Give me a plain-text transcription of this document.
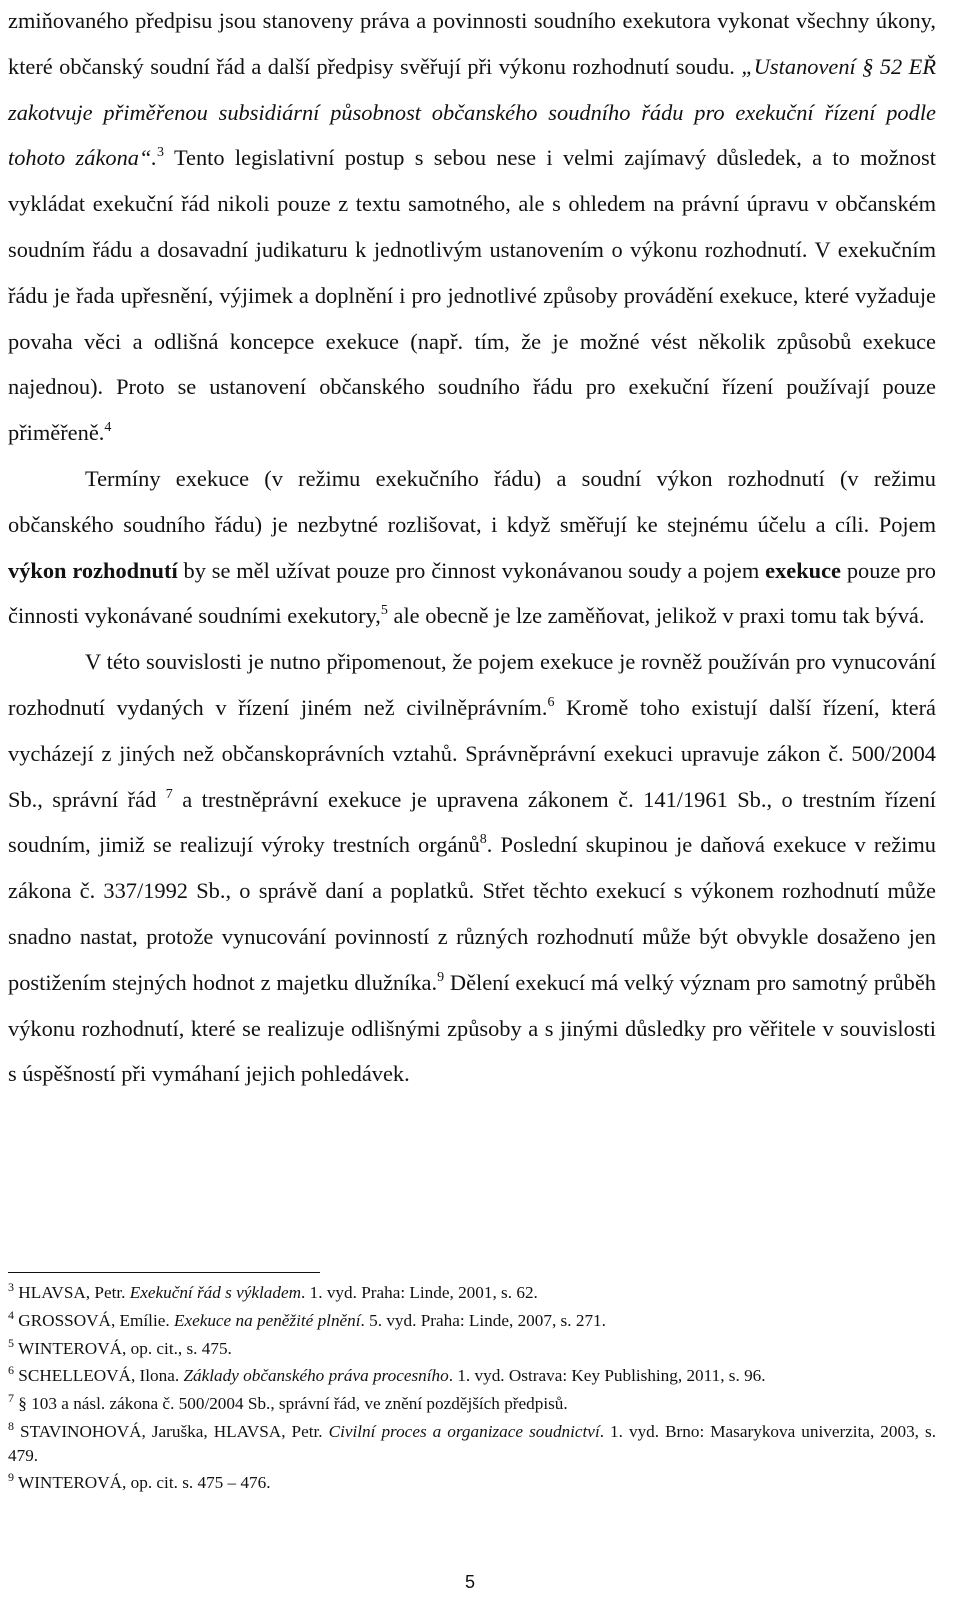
zmiňovaného předpisu jsou stanoveny práva a povinnosti soudního exekutora vykonat všechny úkony, které občanský soudní řád a další předpisy svěřují při výkonu rozhodnutí soudu. „Ustanovení § 52 EŘ zakotvuje přiměřenou subsidiární působnost občanského soudního řádu pro exekuční řízení podle tohoto zákona“.$^3$ Tento legislativní postup s sebou nese i velmi zajímavý důsledek, a to možnost vykládat exekuční řád nikoli pouze z textu samotného, ale s ohledem na právní úpravu v občanském soudním řádu a dosavadní judikaturu k jednotlivým ustanovením o výkonu rozhodnutí. V exekučním řádu je řada upřesnění, výjimek a doplnění i pro jednotlivé způsoby provádění exekuce, které vyžaduje povaha věci a odlišná koncepce exekuce (např. tím, že je možné vést několik způsobů exekuce najednou). Proto se ustanovení občanského soudního řádu pro exekuční řízení používají pouze přiměřeně.$^4$

Termíny exekuce (v režimu exekučního řádu) a soudní výkon rozhodnutí (v režimu občanského soudního řádu) je nezbytné rozlišovat, i když směřují ke stejnému účelu a cíli. Pojem výkon rozhodnutí by se měl užívat pouze pro činnost vykonávanou soudy a pojem exekuce pouze pro činnosti vykonávané soudními exekutory,$^5$ ale obecně je lze zaměňovat, jelikož v praxi tomu tak bývá.

V této souvislosti je nutno připomenout, že pojem exekuce je rovněž používán pro vynucování rozhodnutí vydaných v řízení jiném než civilněprávním.$^6$ Kromě toho existují další řízení, která vycházejí z jiných než občanskoprávních vztahů. Správněprávní exekuci upravuje zákon č. 500/2004 Sb., správní řád $^7$ a trestněprávní exekuce je upravena zákonem č. 141/1961 Sb., o trestním řízení soudním, jimiž se realizují výroky trestních orgánů$^8$. Poslední skupinou je daňová exekuce v režimu zákona č. 337/1992 Sb., o správě daní a poplatků. Střet těchto exekucí s výkonem rozhodnutí může snadno nastat, protože vynucování povinností z různých rozhodnutí může být obvykle dosaženo jen postižením stejných hodnot z majetku dlužníka.$^9$ Dělení exekucí má velký význam pro samotný průběh výkonu rozhodnutí, které se realizuje odlišnými způsoby a s jinými důsledky pro věřitele v souvislosti s úspěšností při vymáhaní jejich pohledávek.

$^3$ HLAVSA, Petr. Exekuční řád s výkladem. 1. vyd. Praha: Linde, 2001, s. 62.
$^4$ GROSSOVÁ, Emílie. Exekuce na peněžité plnění. 5. vyd. Praha: Linde, 2007, s. 271.
$^5$ WINTEROVÁ, op. cit., s. 475.
$^6$ SCHELLEOVÁ, Ilona. Základy občanského práva procesního. 1. vyd. Ostrava: Key Publishing, 2011, s. 96.
$^7$ § 103 a násl. zákona č. 500/2004 Sb., správní řád, ve znění pozdějších předpisů.
$^8$ STAVINOHOVÁ, Jaruška, HLAVSA, Petr. Civilní proces a organizace soudnictví. 1. vyd. Brno: Masarykova univerzita, 2003, s. 479.
$^9$ WINTEROVÁ, op. cit. s. 475 – 476.
5
